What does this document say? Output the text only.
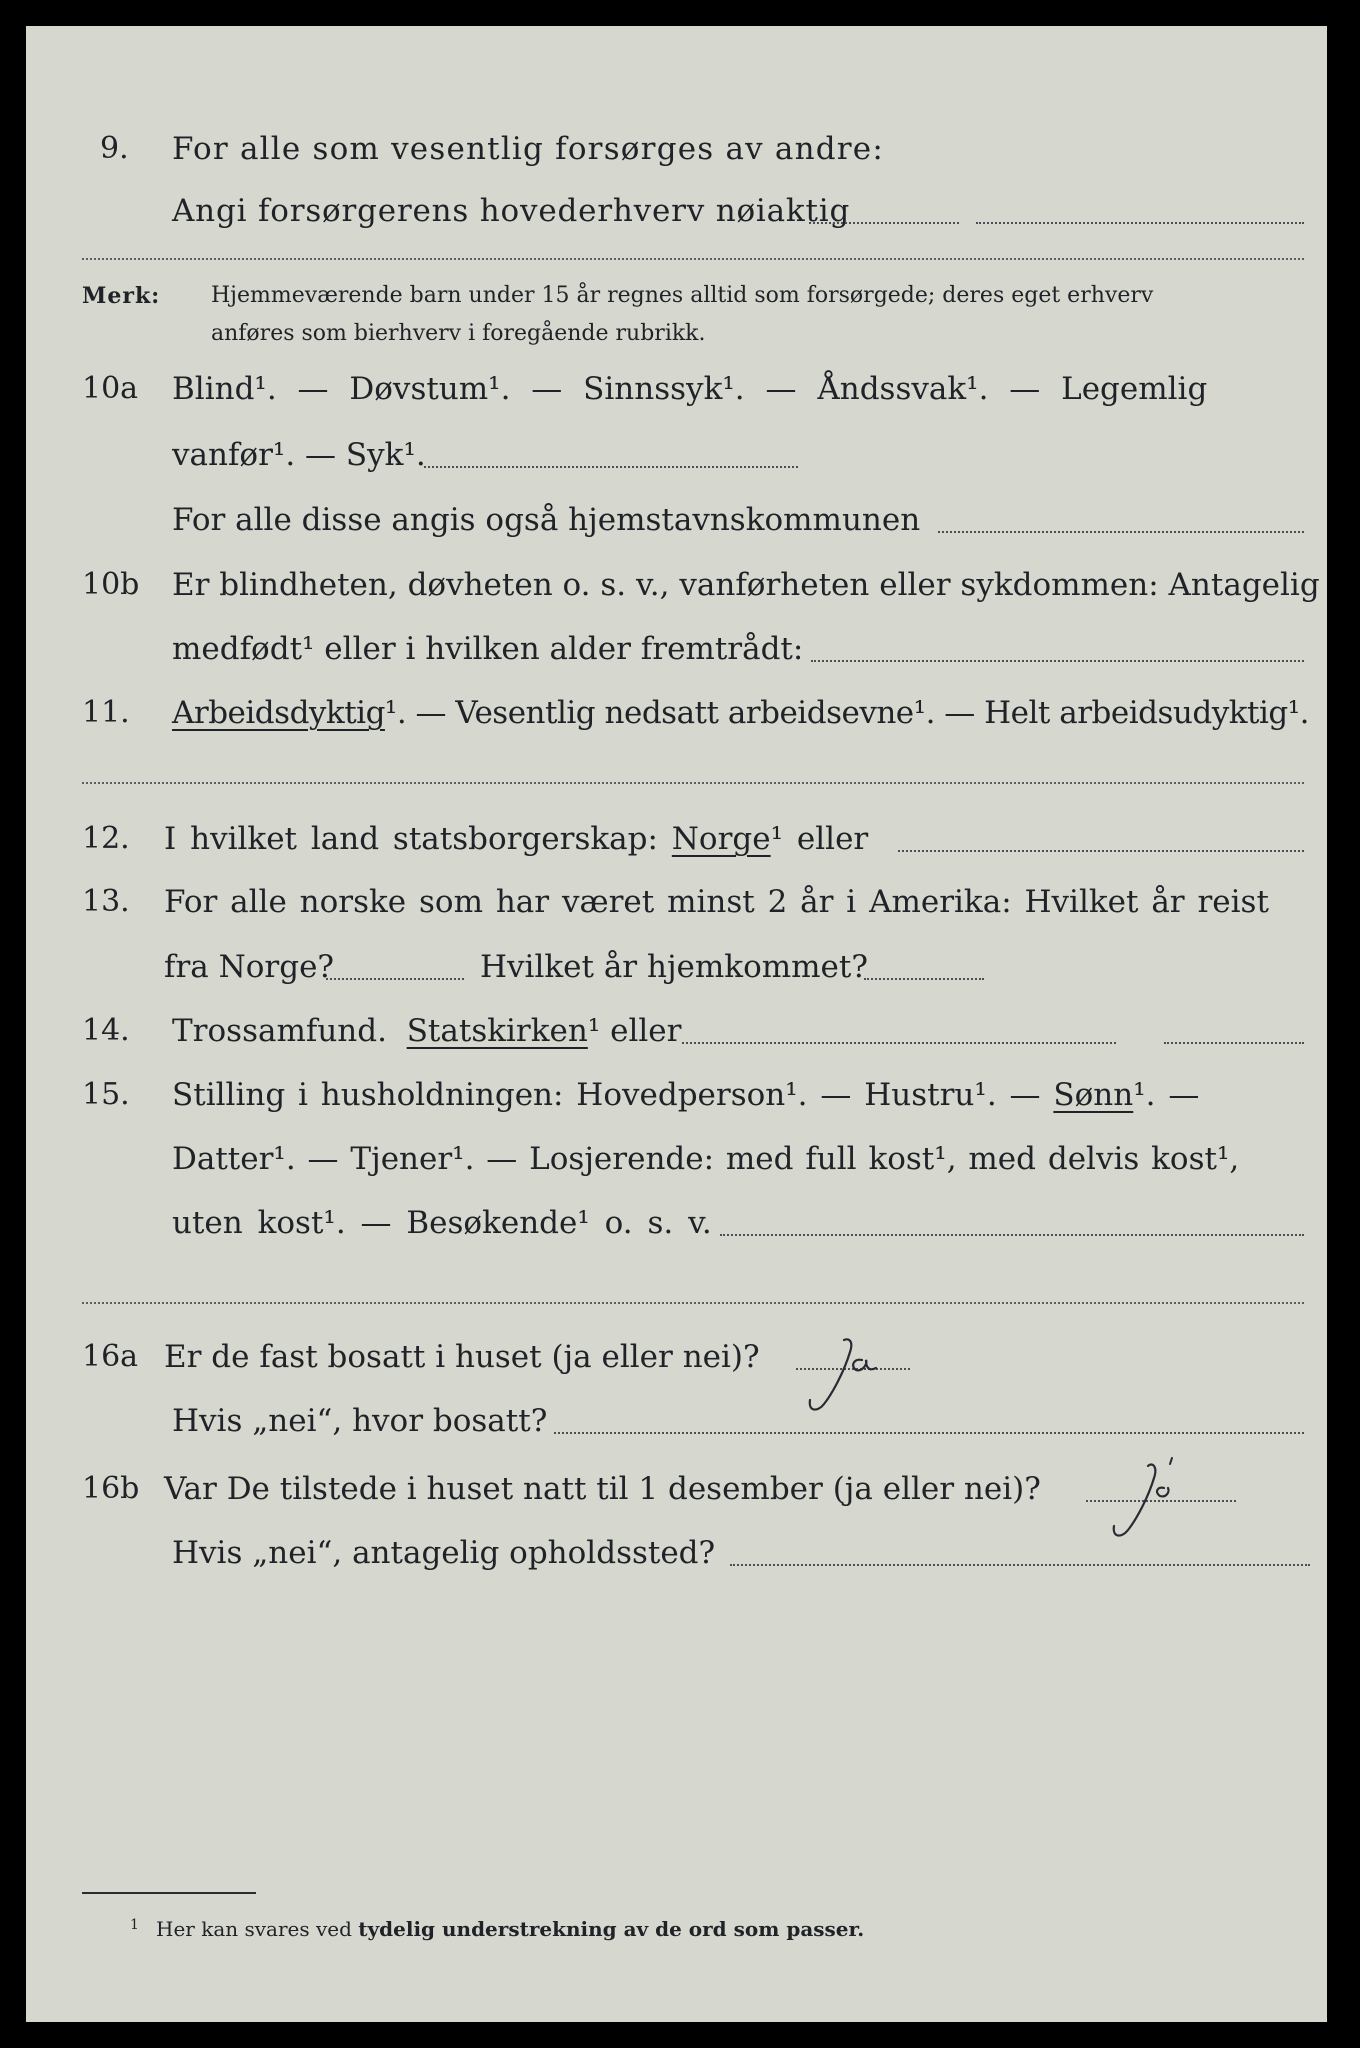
9. For alle som vesentlig forsørges av andre:
Angi forsørgerens hovederhverv nøiaktig
Merk: Hjemmeværende barn under 15 år regnes alltid som forsørgede; deres eget erhverv
anføres som bierhverv i foregående rubrikk.
10a Blind¹. — Døvstum¹. — Sinnssyk¹. — Åndssvak¹. — Legemlig
vanfør¹. — Syk¹.
For alle disse angis også hjemstavnskommunen
10b Er blindheten, døvheten o. s. v., vanførheten eller sykdommen: Antagelig
medfødt¹ eller i hvilken alder fremtrådt:
11. Arbeidsdyktig¹. — Vesentlig nedsatt arbeidsevne¹. — Helt arbeidsudyktig¹.
12. I hvilket land statsborgerskap: Norge¹ eller
13. For alle norske som har været minst 2 år i Amerika: Hvilket år reist
fra Norge?	Hvilket år hjemkommet?
14. Trossamfund. Statskirken¹ eller
15. Stilling i husholdningen: Hovedperson¹. — Hustru¹. — Sønn¹. —
Datter¹. — Tjener¹. — Losjerende: med full kost¹, med delvis kost¹,
uten kost¹. — Besøkende¹ o. s. v.
16a Er de fast bosatt i huset (ja eller nei)?
Hvis „nei“, hvor bosatt?
16b Var De tilstede i huset natt til 1 desember (ja eller nei)?
Hvis „nei“, antagelig opholdssted?
1 Her kan svares ved tydelig understrekning av de ord som passer.
